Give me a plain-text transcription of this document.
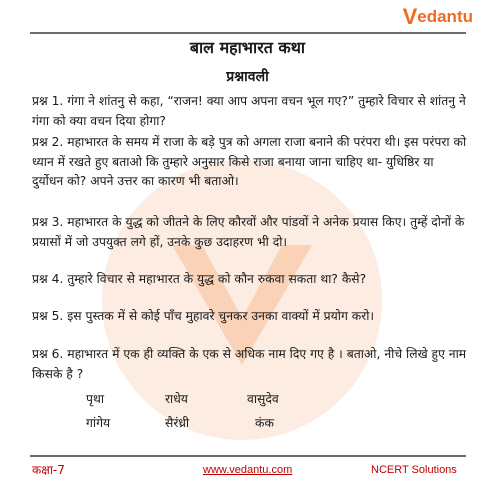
V edantu
बाल महाभारत कथा
प्रश्नावली
प्रश्न 1. गंगा ने शांतनु से कहा, “राजन! क्या आप अपना वचन भूल गए?” तुम्हारे विचार से शांतनु ने गंगा को क्या वचन दिया होगा?
प्रश्न 2. महाभारत के समय में राजा के बड़े पुत्र को अगला राजा बनाने की परंपरा थी। इस परंपरा को ध्यान में रखते हुए बताओ कि तुम्हारे अनुसार किसे राजा बनाया जाना चाहिए था- युधिष्ठिर या दुर्योधन को? अपने उत्तर का कारण भी बताओ।
प्रश्न 3. महाभारत के युद्ध को जीतने के लिए कौरवों और पांडवों ने अनेक प्रयास किए। तुम्हें दोनों के प्रयासों में जो उपयुक्त लगे हों, उनके कुछ उदाहरण भी दो।
प्रश्न 4. तुम्हारे विचार से महाभारत के युद्ध को कौन रुकवा सकता था? कैसे?
प्रश्न 5. इस पुस्तक में से कोई पाँच मुहावरे चुनकर उनका वाक्यों में प्रयोग करो।
प्रश्न 6. महाभारत में एक ही व्यक्ति के एक से अधिक नाम दिए गए है । बताओ, नीचे लिखे हुए नाम किसके है ?
पृथा	राधेय	वासुदेव
गांगेय	सैरंध्री	कंक
कक्षा-7	www.vedantu.com	NCERT Solutions
